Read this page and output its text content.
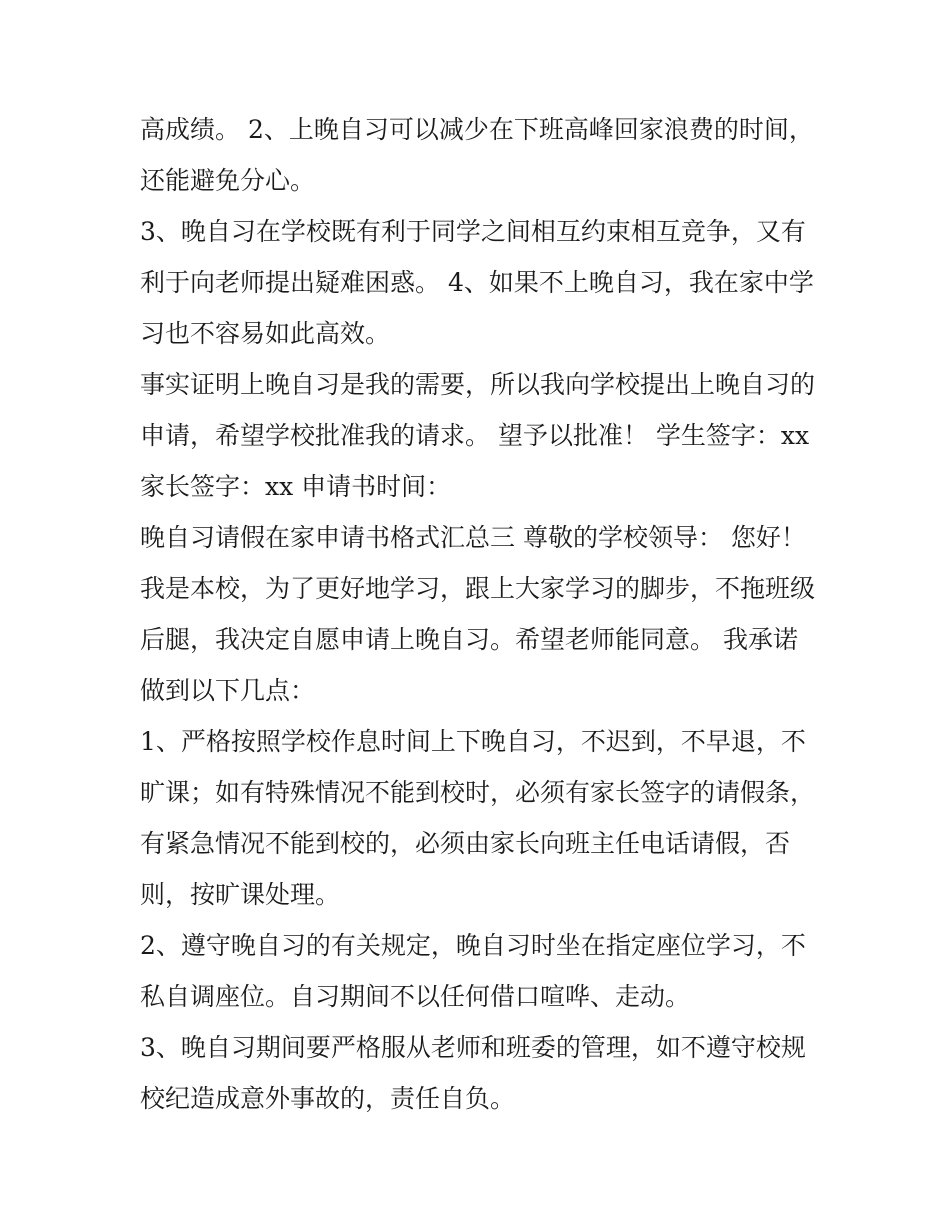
高成绩。 2、上晚自习可以减少在下班高峰回家浪费的时间，
还能避免分心。
3、晚自习在学校既有利于同学之间相互约束相互竞争，又有
利于向老师提出疑难困惑。 4、如果不上晚自习，我在家中学
习也不容易如此高效。
事实证明上晚自习是我的需要，所以我向学校提出上晚自习的
申请，希望学校批准我的请求。 望予以批准！ 学生签字：xx
家长签字：xx 申请书时间：
晚自习请假在家申请书格式汇总三 尊敬的学校领导： 您好！
我是本校，为了更好地学习，跟上大家学习的脚步，不拖班级
后腿，我决定自愿申请上晚自习。希望老师能同意。 我承诺
做到以下几点：
1、严格按照学校作息时间上下晚自习，不迟到，不早退，不
旷课；如有特殊情况不能到校时，必须有家长签字的请假条，
有紧急情况不能到校的，必须由家长向班主任电话请假，否
则，按旷课处理。
2、遵守晚自习的有关规定，晚自习时坐在指定座位学习，不
私自调座位。自习期间不以任何借口喧哗、走动。
3、晚自习期间要严格服从老师和班委的管理，如不遵守校规
校纪造成意外事故的，责任自负。
